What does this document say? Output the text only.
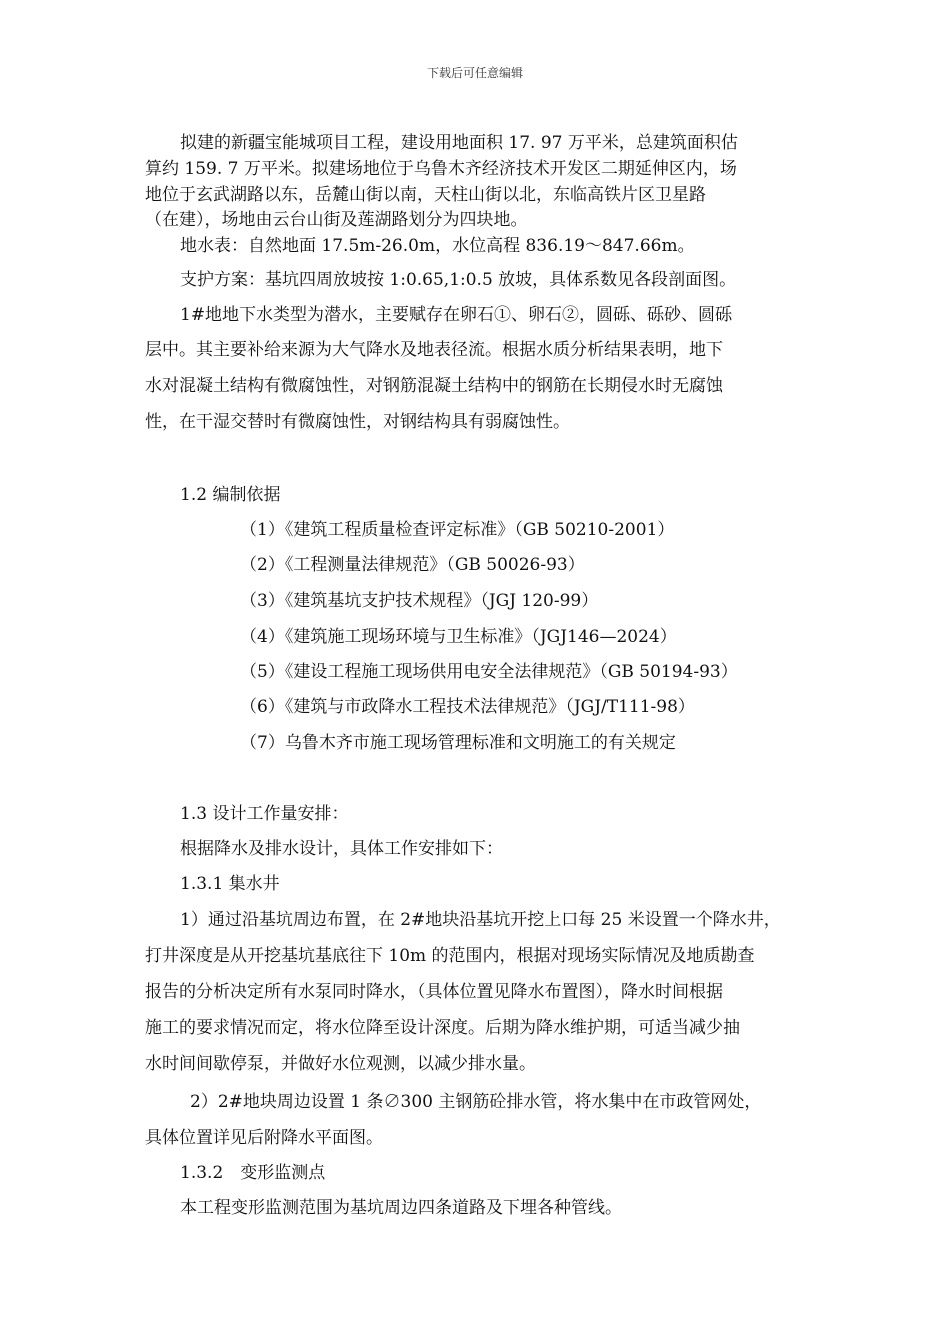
下载后可任意编辑
拟建的新疆宝能城项目工程，建设用地面积 17. 97 万平米，总建筑面积估
算约 159. 7 万平米。拟建场地位于乌鲁木齐经济技术开发区二期延伸区内，场
地位于玄武湖路以东，岳麓山街以南，天柱山街以北，东临高铁片区卫星路
（在建），场地由云台山街及莲湖路划分为四块地。
地水表：自然地面 17.5m-26.0m，水位高程 836.19～847.66m。
支护方案：基坑四周放坡按 1:0.65,1:0.5 放坡，具体系数见各段剖面图。
1#地地下水类型为潜水，主要赋存在卵石①、卵石②，圆砾、砾砂、圆砾
层中。其主要补给来源为大气降水及地表径流。根据水质分析结果表明，地下
水对混凝土结构有微腐蚀性，对钢筋混凝土结构中的钢筋在长期侵水时无腐蚀
性，在干湿交替时有微腐蚀性，对钢结构具有弱腐蚀性。
1.2 编制依据
（1）《建筑工程质量检查评定标准》（GB 50210-2001）
（2）《工程测量法律规范》（GB 50026-93）
（3）《建筑基坑支护技术规程》（JGJ 120-99）
（4）《建筑施工现场环境与卫生标准》（JGJ146—2024）
（5）《建设工程施工现场供用电安全法律规范》（GB 50194-93）
（6）《建筑与市政降水工程技术法律规范》（JGJ/T111-98）
（7）乌鲁木齐市施工现场管理标准和文明施工的有关规定
1.3 设计工作量安排：
根据降水及排水设计，具体工作安排如下：
1.3.1 集水井
1）通过沿基坑周边布置，在 2#地块沿基坑开挖上口每 25 米设置一个降水井，
打井深度是从开挖基坑基底往下 10m 的范围内，根据对现场实际情况及地质勘查
报告的分析决定所有水泵同时降水，（具体位置见降水布置图），降水时间根据
施工的要求情况而定，将水位降至设计深度。后期为降水维护期，可适当减少抽
水时间间歇停泵，并做好水位观测，以减少排水量。
2）2#地块周边设置 1 条∅300 主钢筋砼排水管，将水集中在市政管网处，
具体位置详见后附降水平面图。
1.3.2　变形监测点
本工程变形监测范围为基坑周边四条道路及下埋各种管线。
